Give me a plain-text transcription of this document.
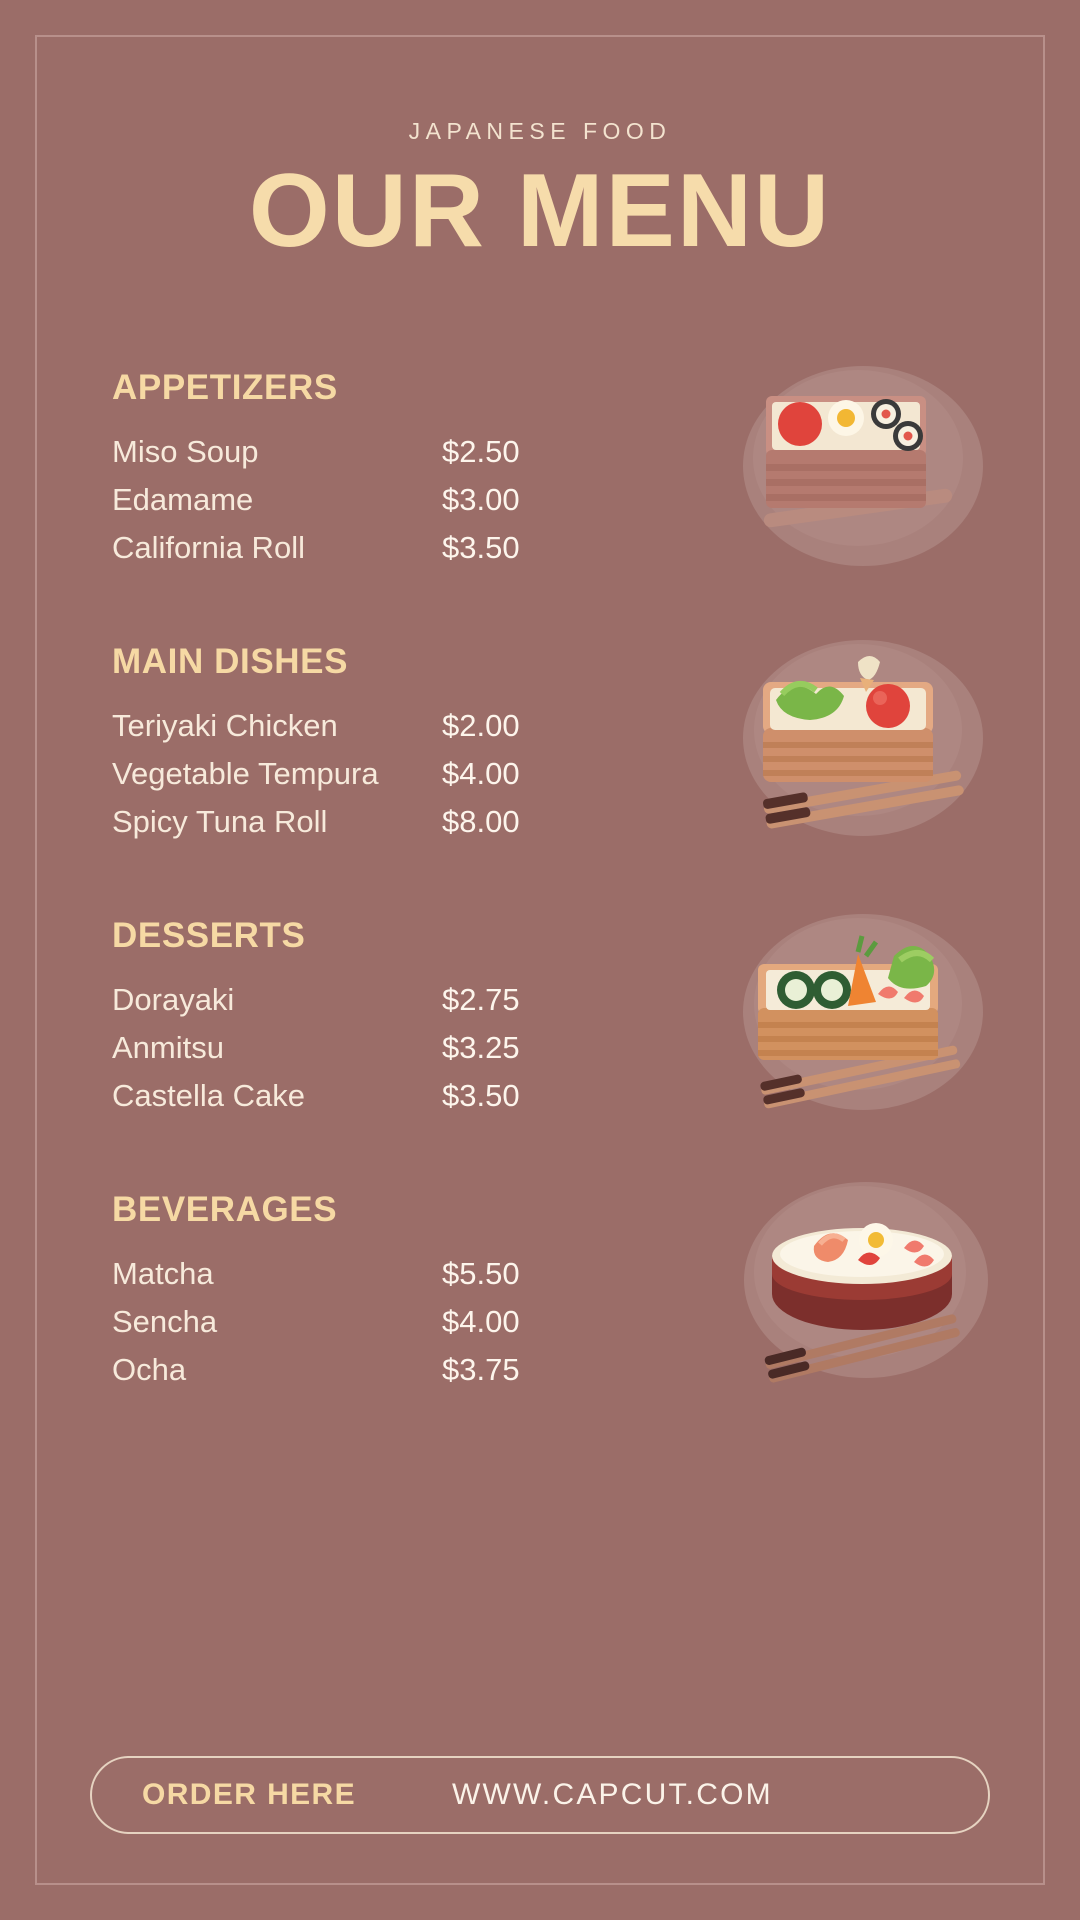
JAPANESE FOOD
OUR MENU
APPETIZERS
Miso Soup	$2.50
Edamame	$3.00
California Roll	$3.50
MAIN DISHES
Teriyaki Chicken	$2.00
Vegetable Tempura	$4.00
Spicy Tuna Roll	$8.00
DESSERTS
Dorayaki	$2.75
Anmitsu	$3.25
Castella Cake	$3.50
BEVERAGES
Matcha	$5.50
Sencha	$4.00
Ocha	$3.75
ORDER HERE	WWW.CAPCUT.COM
